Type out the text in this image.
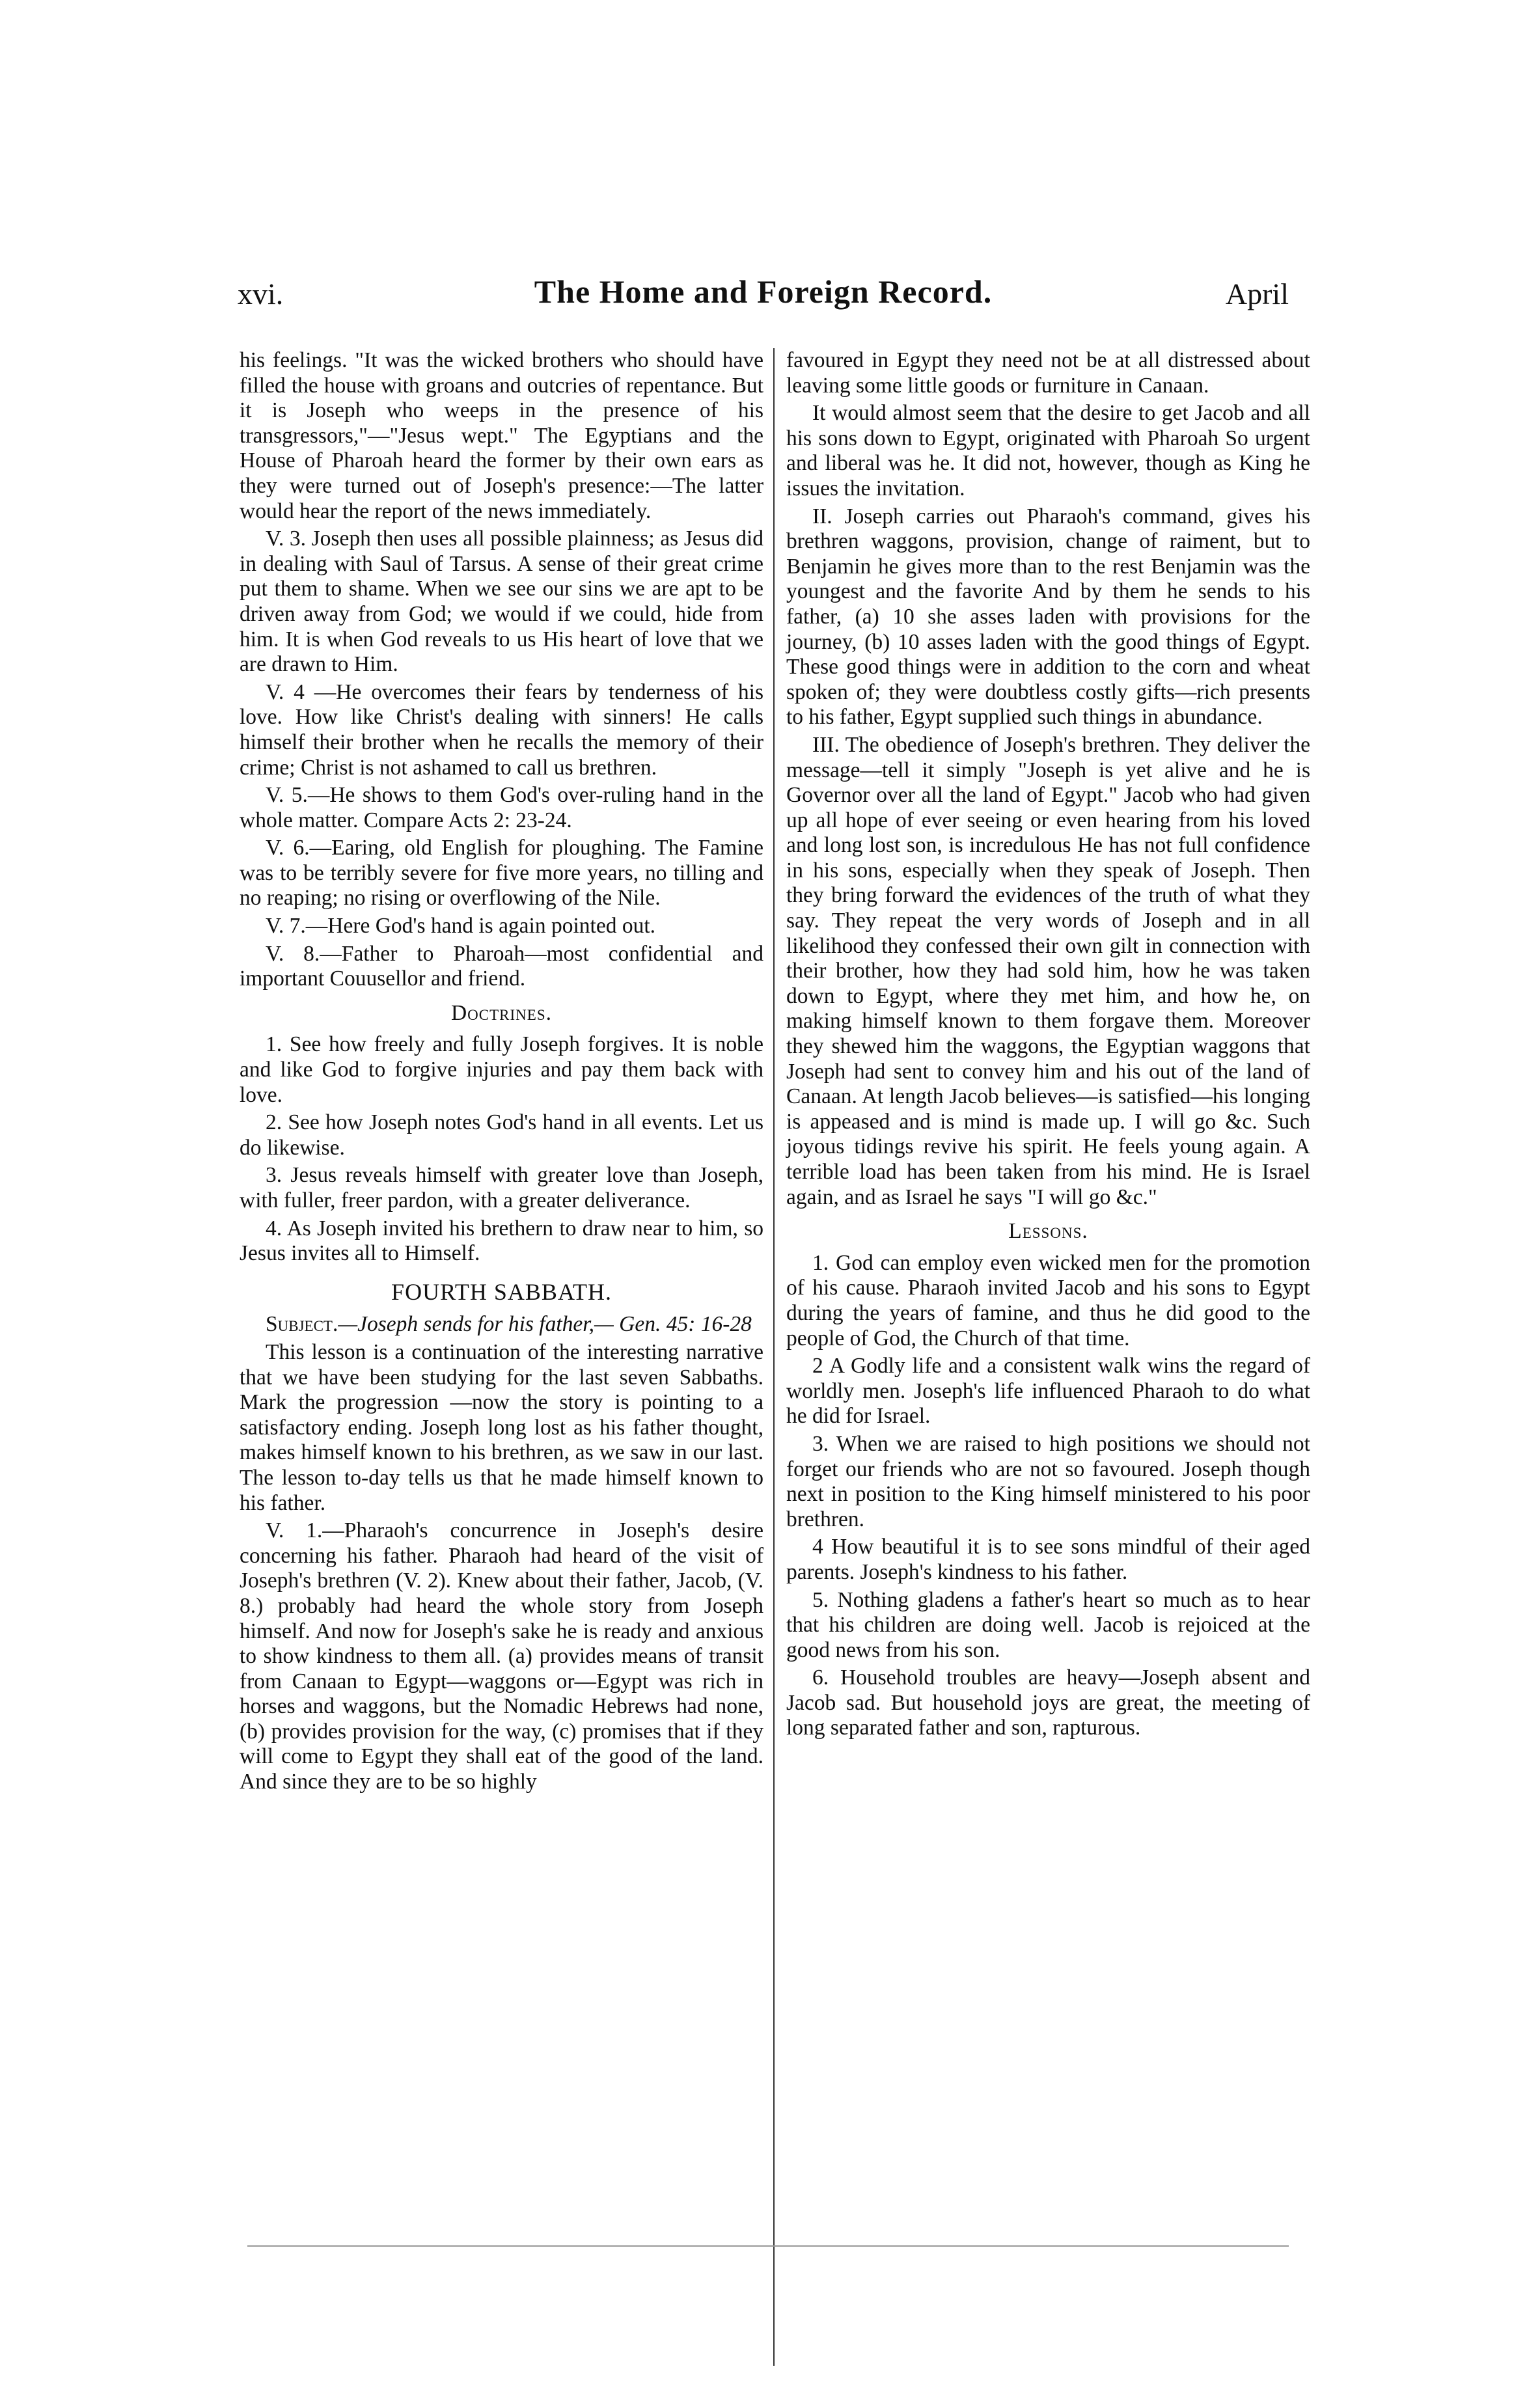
xvi.	The Home and Foreign Record.	April

his feelings. "It was the wicked brothers who should have filled the house with groans and outcries of repentance. But it is Joseph who weeps in the presence of his transgressors,"—"Jesus wept." The Egyptians and the House of Pharoah heard the former by their own ears as they were turned out of Joseph's presence:—The latter would hear the report of the news immediately.

V. 3. Joseph then uses all possible plainness; as Jesus did in dealing with Saul of Tarsus. A sense of their great crime put them to shame. When we see our sins we are apt to be driven away from God; we would if we could, hide from him. It is when God reveals to us His heart of love that we are drawn to Him.

V. 4 —He overcomes their fears by tenderness of his love. How like Christ's dealing with sinners! He calls himself their brother when he recalls the memory of their crime; Christ is not ashamed to call us brethren.

V. 5.—He shows to them God's over-ruling hand in the whole matter. Compare Acts 2: 23-24.

V. 6.—Earing, old English for ploughing. The Famine was to be terribly severe for five more years, no tilling and no reaping; no rising or overflowing of the Nile.

V. 7.—Here God's hand is again pointed out.

V. 8.—Father to Pharoah—most confidential and important Couusellor and friend.

Doctrines.

1. See how freely and fully Joseph forgives. It is noble and like God to forgive injuries and pay them back with love.

2. See how Joseph notes God's hand in all events. Let us do likewise.

3. Jesus reveals himself with greater love than Joseph, with fuller, freer pardon, with a greater deliverance.

4. As Joseph invited his brethern to draw near to him, so Jesus invites all to Himself.

FOURTH SABBATH.

Subject.—Joseph sends for his father,— Gen. 45: 16-28

This lesson is a continuation of the interesting narrative that we have been studying for the last seven Sabbaths. Mark the progression —now the story is pointing to a satisfactory ending. Joseph long lost as his father thought, makes himself known to his brethren, as we saw in our last. The lesson to-day tells us that he made himself known to his father.

V. 1.—Pharaoh's concurrence in Joseph's desire concerning his father. Pharaoh had heard of the visit of Joseph's brethren (V. 2). Knew about their father, Jacob, (V. 8.) probably had heard the whole story from Joseph himself. And now for Joseph's sake he is ready and anxious to show kindness to them all. (a) provides means of transit from Canaan to Egypt—waggons or—Egypt was rich in horses and waggons, but the Nomadic Hebrews had none, (b) provides provision for the way, (c) promises that if they will come to Egypt they shall eat of the good of the land. And since they are to be so highly

favoured in Egypt they need not be at all distressed about leaving some little goods or furniture in Canaan.

It would almost seem that the desire to get Jacob and all his sons down to Egypt, originated with Pharoah So urgent and liberal was he. It did not, however, though as King he issues the invitation.

II. Joseph carries out Pharaoh's command, gives his brethren waggons, provision, change of raiment, but to Benjamin he gives more than to the rest Benjamin was the youngest and the favorite And by them he sends to his father, (a) 10 she asses laden with provisions for the journey, (b) 10 asses laden with the good things of Egypt. These good things were in addition to the corn and wheat spoken of; they were doubtless costly gifts—rich presents to his father, Egypt supplied such things in abundance.

III. The obedience of Joseph's brethren. They deliver the message—tell it simply "Joseph is yet alive and he is Governor over all the land of Egypt." Jacob who had given up all hope of ever seeing or even hearing from his loved and long lost son, is incredulous He has not full confidence in his sons, especially when they speak of Joseph. Then they bring forward the evidences of the truth of what they say. They repeat the very words of Joseph and in all likelihood they confessed their own gilt in connection with their brother, how they had sold him, how he was taken down to Egypt, where they met him, and how he, on making himself known to them forgave them. Moreover they shewed him the waggons, the Egyptian waggons that Joseph had sent to convey him and his out of the land of Canaan. At length Jacob believes—is satisfied—his longing is appeased and is mind is made up. I will go &c. Such joyous tidings revive his spirit. He feels young again. A terrible load has been taken from his mind. He is Israel again, and as Israel he says "I will go &c."

Lessons.

1. God can employ even wicked men for the promotion of his cause. Pharaoh invited Jacob and his sons to Egypt during the years of famine, and thus he did good to the people of God, the Church of that time.

2 A Godly life and a consistent walk wins the regard of worldly men. Joseph's life influenced Pharaoh to do what he did for Israel.

3. When we are raised to high positions we should not forget our friends who are not so favoured. Joseph though next in position to the King himself ministered to his poor brethren.

4 How beautiful it is to see sons mindful of their aged parents. Joseph's kindness to his father.

5. Nothing gladens a father's heart so much as to hear that his children are doing well. Jacob is rejoiced at the good news from his son.

6. Household troubles are heavy—Joseph absent and Jacob sad. But household joys are great, the meeting of long separated father and son, rapturous.
